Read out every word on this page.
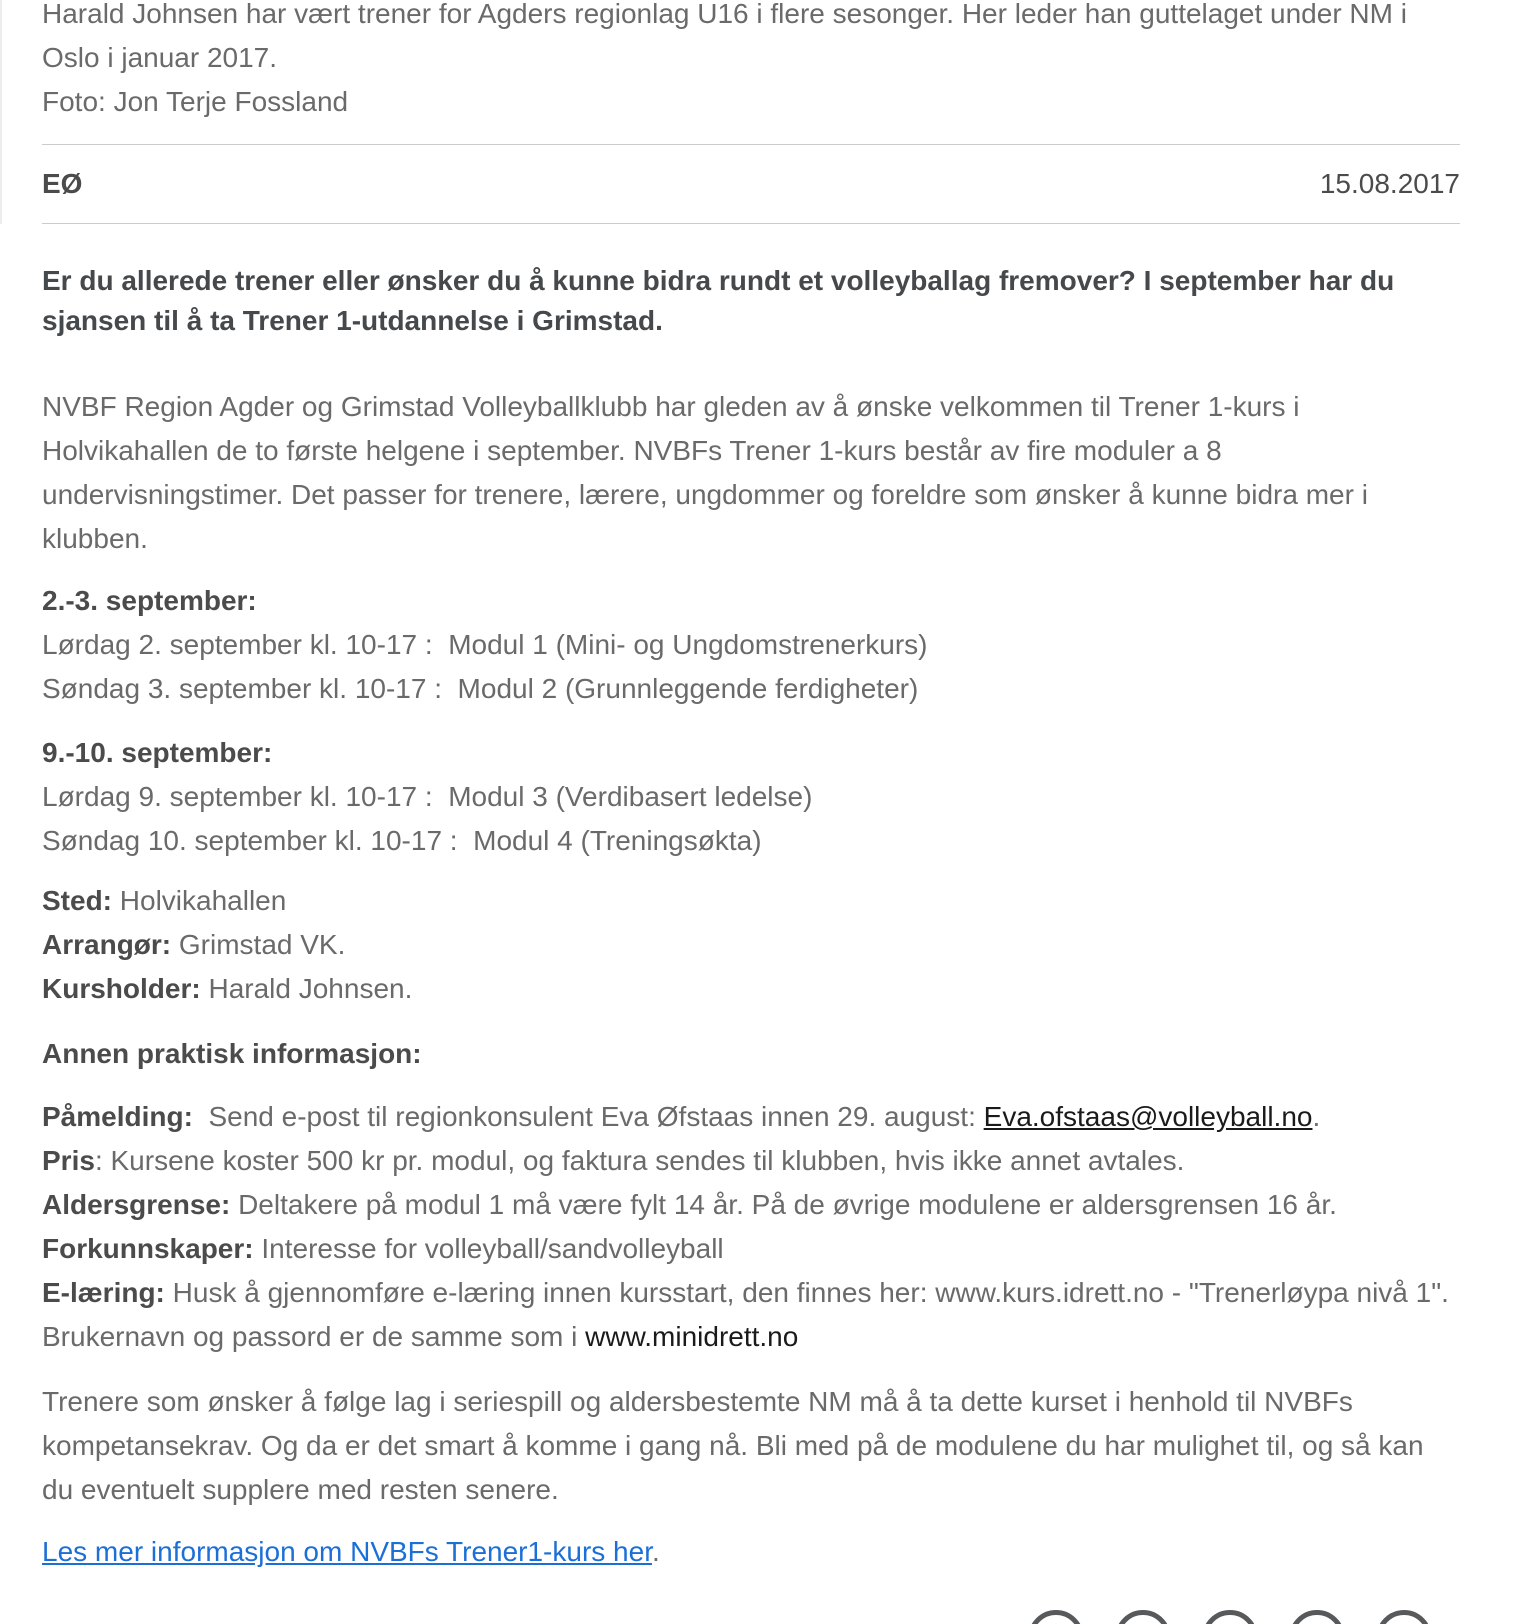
Harald Johnsen har vært trener for Agders regionlag U16 i flere sesonger. Her leder han guttelaget under NM i Oslo i januar 2017.

Foto: Jon Terje Fossland

EØ	15.08.2017

Er du allerede trener eller ønsker du å kunne bidra rundt et volleyballag fremover? I september har du sjansen til å ta Trener 1-utdannelse i Grimstad.

NVBF Region Agder og Grimstad Volleyballklubb har gleden av å ønske velkommen til Trener 1-kurs i Holvikahallen de to første helgene i september. NVBFs Trener 1-kurs består av fire moduler a 8 undervisningstimer. Det passer for trenere, lærere, ungdommer og foreldre som ønsker å kunne bidra mer i klubben.

2.-3. september:

Lørdag 2. september kl. 10-17 :  Modul 1 (Mini- og Ungdomstrenerkurs)

Søndag 3. september kl. 10-17 :  Modul 2 (Grunnleggende ferdigheter)

9.-10. september:

Lørdag 9. september kl. 10-17 :  Modul 3 (Verdibasert ledelse)

Søndag 10. september kl. 10-17 :  Modul 4 (Treningsøkta)

Sted: Holvikahallen

Arrangør: Grimstad VK.

Kursholder: Harald Johnsen.

Annen praktisk informasjon:

Påmelding:  Send e-post til regionkonsulent Eva Øfstaas innen 29. august: Eva.ofstaas@volleyball.no.

Pris: Kursene koster 500 kr pr. modul, og faktura sendes til klubben, hvis ikke annet avtales.

Aldersgrense: Deltakere på modul 1 må være fylt 14 år. På de øvrige modulene er aldersgrensen 16 år.

Forkunnskaper: Interesse for volleyball/sandvolleyball

E-læring: Husk å gjennomføre e-læring innen kursstart, den finnes her: www.kurs.idrett.no - "Trenerløypa nivå 1".
Brukernavn og passord er de samme som i www.minidrett.no

Trenere som ønsker å følge lag i seriespill og aldersbestemte NM må å ta dette kurset i henhold til NVBFs kompetansekrav. Og da er det smart å komme i gang nå. Bli med på de modulene du har mulighet til, og så kan du eventuelt supplere med resten senere.

Les mer informasjon om NVBFs Trener1-kurs her.
